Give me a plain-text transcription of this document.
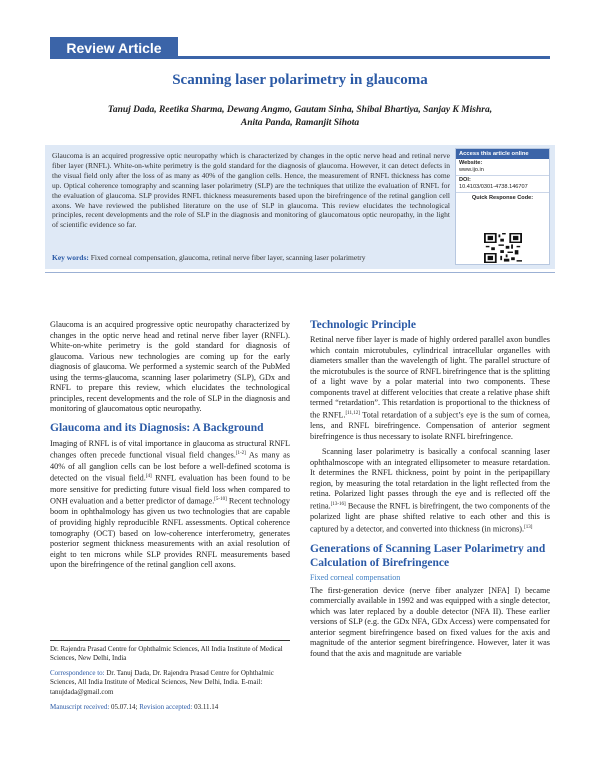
Review Article
Scanning laser polarimetry in glaucoma
Tanuj Dada, Reetika Sharma, Dewang Angmo, Gautam Sinha, Shibal Bhartiya, Sanjay K Mishra,
Anita Panda, Ramanjit Sihota
Glaucoma is an acquired progressive optic neuropathy which is characterized by changes in the optic nerve head and retinal nerve fiber layer (RNFL). White-on-white perimetry is the gold standard for the diagnosis of glaucoma. However, it can detect defects in the visual field only after the loss of as many as 40% of the ganglion cells. Hence, the measurement of RNFL thickness has come up. Optical coherence tomography and scanning laser polarimetry (SLP) are the techniques that utilize the evaluation of RNFL for the evaluation of glaucoma. SLP provides RNFL thickness measurements based upon the birefringence of the retinal ganglion cell axons. We have reviewed the published literature on the use of SLP in glaucoma. This review elucidates the technological principles, recent developments and the role of SLP in the diagnosis and monitoring of glaucomatous optic neuropathy, in the light of scientific evidence so far.
Key words: Fixed corneal compensation, glaucoma, retinal nerve fiber layer, scanning laser polarimetry
Access this article online
Website:
www.ijo.in
DOI:
10.4103/0301-4738.146707
Quick Response Code:

Glaucoma is an acquired progressive optic neuropathy characterized by changes in the optic nerve head and retinal nerve fiber layer (RNFL). White-on-white perimetry is the gold standard for diagnosis of glaucoma. Various new technologies are coming up for the early diagnosis of glaucoma. We performed a systemic search of the PubMed using the terms-glaucoma, scanning laser polarimetry (SLP), GDx and RNFL to prepare this review, which elucidates the technological principles, recent developments and the role of SLP in the diagnosis and monitoring of glaucomatous optic neuropathy.

Glaucoma and its Diagnosis: A Background

Imaging of RNFL is of vital importance in glaucoma as structural RNFL changes often precede functional visual field changes.[1-2] As many as 40% of all ganglion cells can be lost before a well-defined scotoma is detected on the visual field.[4] RNFL evaluation has been found to be more sensitive for predicting future visual field loss when compared to ONH evaluation and a better predictor of damage.[5-10] Recent technology boom in ophthalmology has given us two technologies that are capable of providing highly reproducible RNFL assessments. Optical coherence tomography (OCT) based on low-coherence interferometry, generates posterior segment thickness measurements with an axial resolution of eight to ten microns while SLP provides RNFL measurements based upon the birefringence of the retinal ganglion cell axons.

Dr. Rajendra Prasad Centre for Ophthalmic Sciences, All India Institute of Medical Sciences, New Delhi, India
Correspondence to: Dr. Tanuj Dada, Dr. Rajendra Prasad Centre for Ophthalmic Sciences, All India Institute of Medical Sciences, New Delhi, India. E-mail: tanujdada@gmail.com
Manuscript received: 05.07.14; Revision accepted: 03.11.14
Technologic Principle

Retinal nerve fiber layer is made of highly ordered parallel axon bundles which contain microtubules, cylindrical intracellular organelles with diameters smaller than the wavelength of light. The parallel structure of the microtubules is the source of RNFL birefringence that is the splitting of a light wave by a polar material into two components. These components travel at different velocities that create a relative phase shift termed “retardation”. This retardation is proportional to the thickness of the RNFL.[11,12] Total retardation of a subject’s eye is the sum of cornea, lens, and RNFL birefringence. Compensation of anterior segment birefringence is thus necessary to isolate RNFL birefringence.

Scanning laser polarimetry is basically a confocal scanning laser ophthalmoscope with an integrated ellipsometer to measure retardation. It determines the RNFL thickness, point by point in the peripapillary region, by measuring the total retardation in the light reflected from the retina. Polarized light passes through the eye and is reflected off the retina.[13-16] Because the RNFL is birefringent, the two components of the polarized light are phase shifted relative to each other and this is captured by a detector, and converted into thickness (in microns).[13]

Generations of Scanning Laser Polarimetry and Calculation of Birefringence
Fixed corneal compensation

The first-generation device (nerve fiber analyzer [NFA] I) became commercially available in 1992 and was equipped with a single detector, which was later replaced by a double detector (NFA II). These earlier versions of SLP (e.g. the GDx NFA, GDx Access) were compensated for anterior segment birefringence based on fixed values for the axis and magnitude of the anterior segment birefringence. However, later it was found that the axis and magnitude are variable
